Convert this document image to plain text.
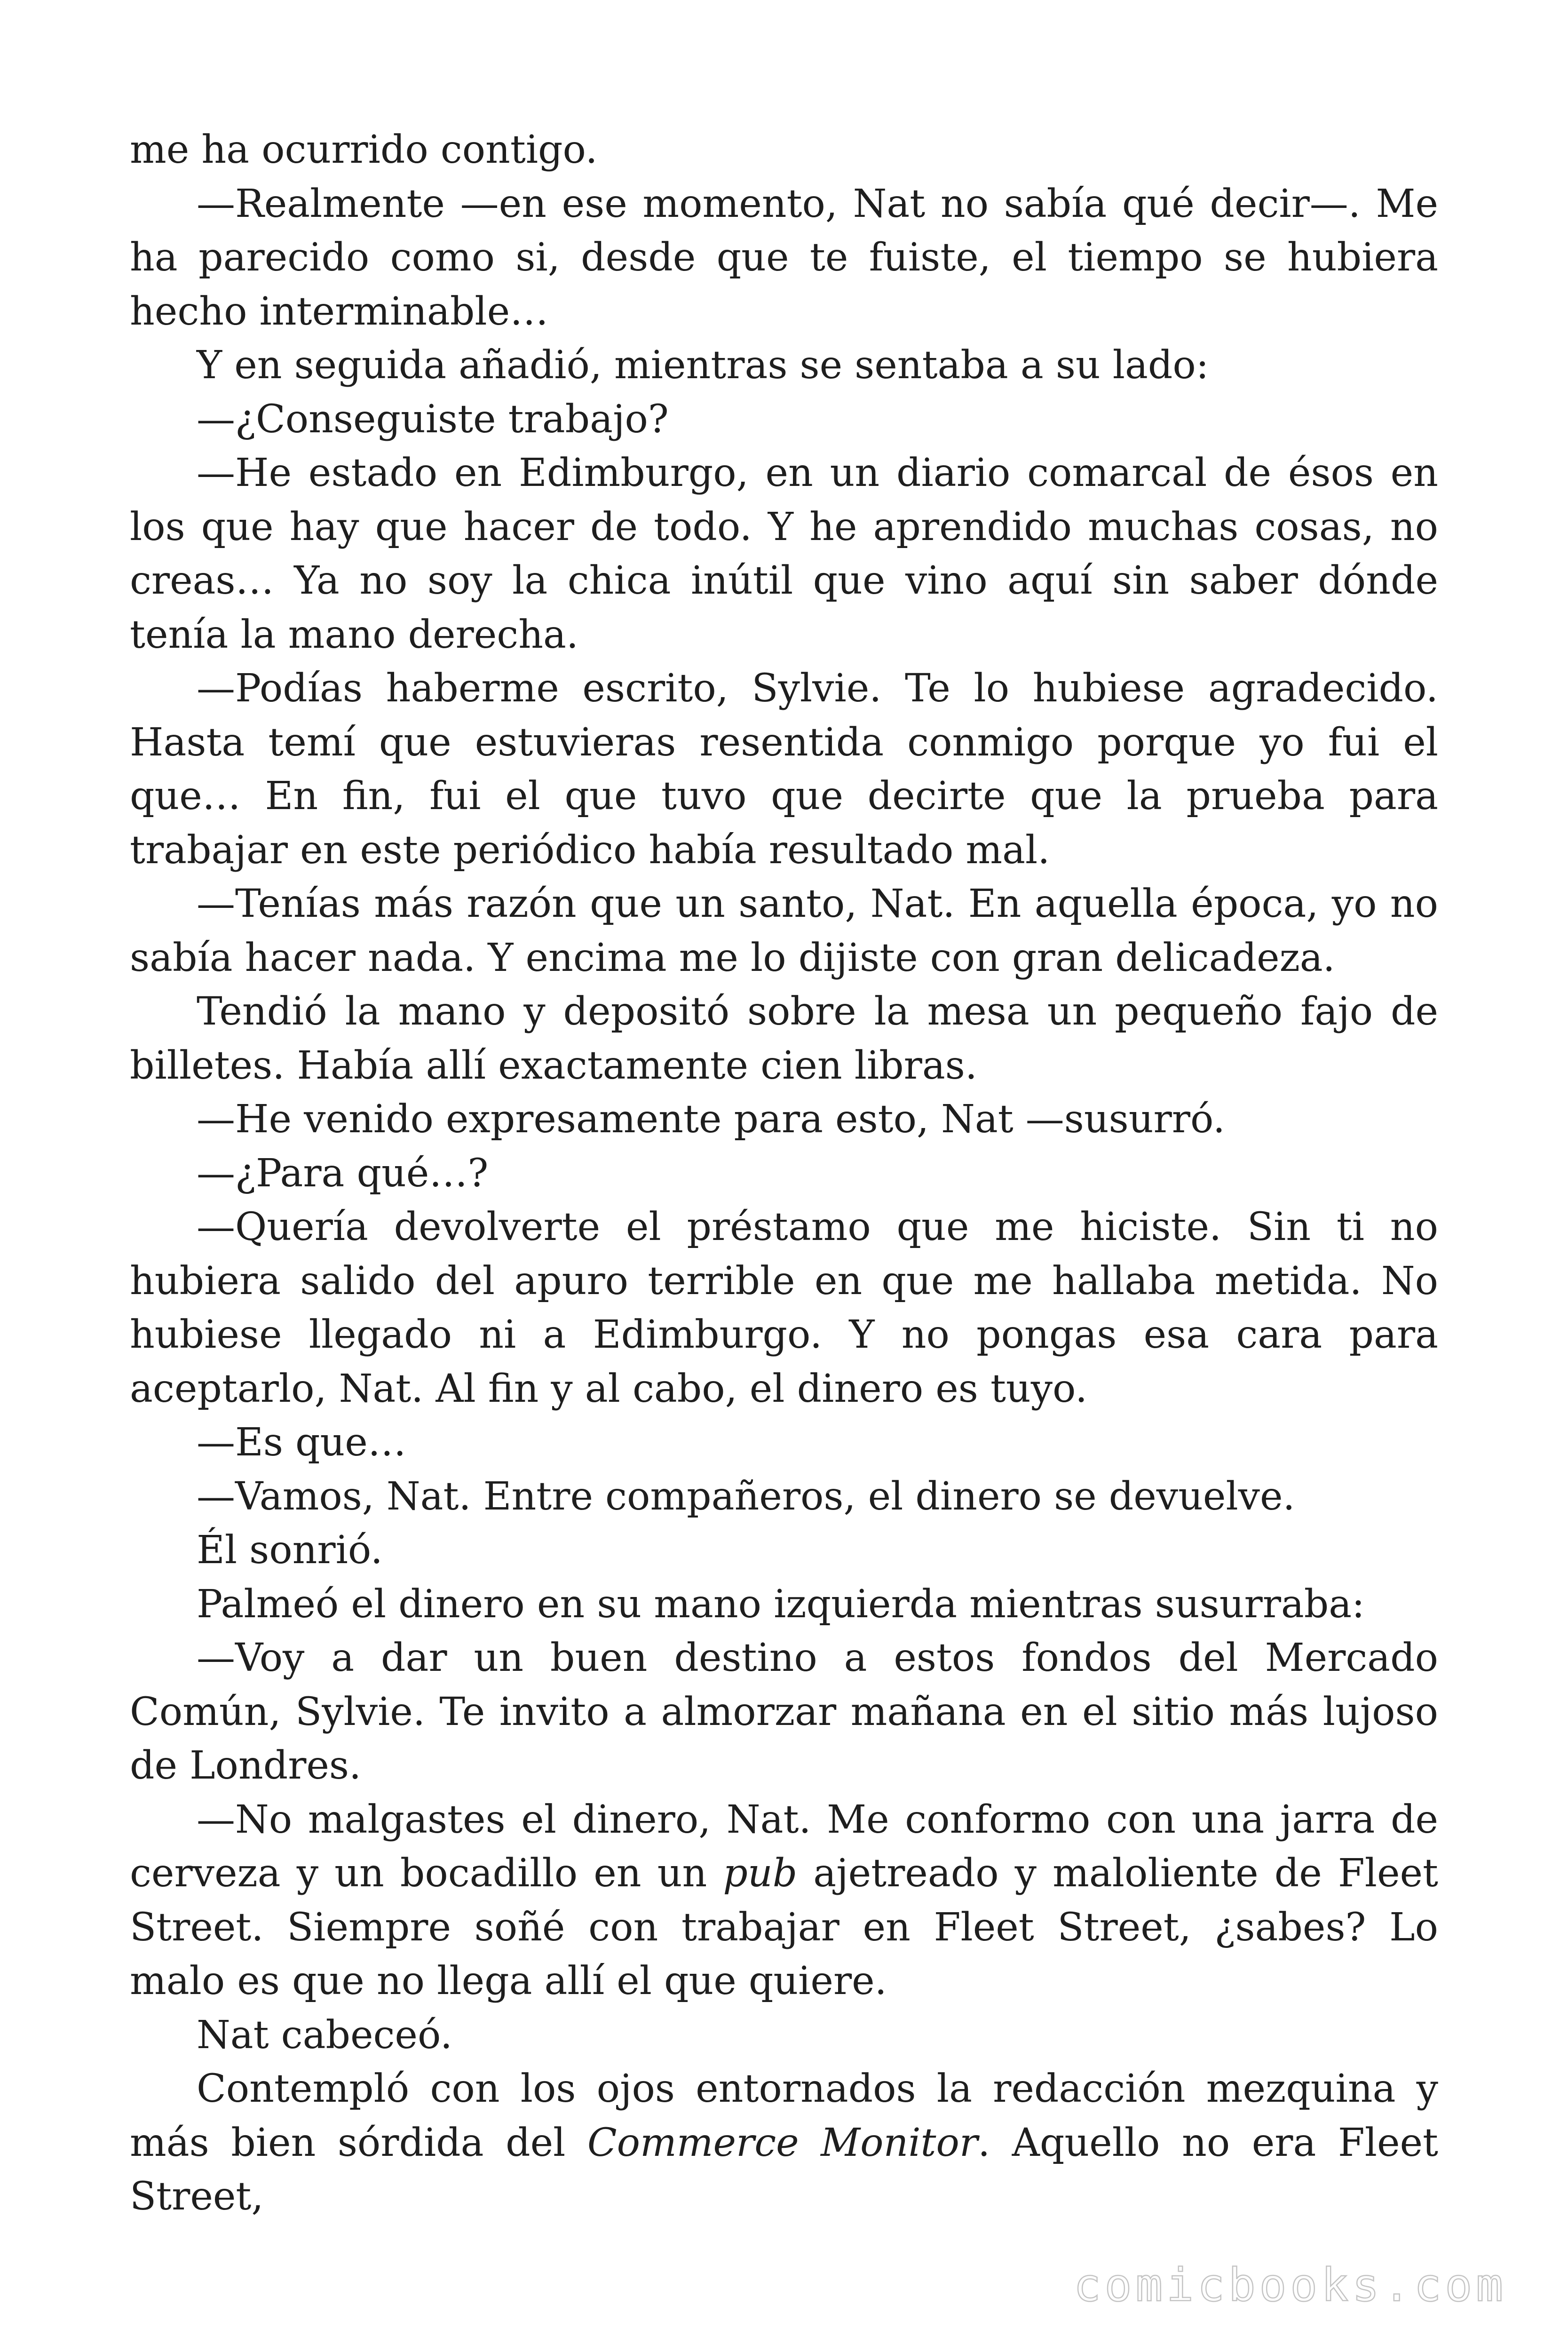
me ha ocurrido contigo.

—Realmente —en ese momento, Nat no sabía qué decir—. Me ha parecido como si, desde que te fuiste, el tiempo se hubiera hecho interminable…

Y en seguida añadió, mientras se sentaba a su lado:

—¿Conseguiste trabajo?

—He estado en Edimburgo, en un diario comarcal de ésos en los que hay que hacer de todo. Y he aprendido muchas cosas, no creas… Ya no soy la chica inútil que vino aquí sin saber dónde tenía la mano derecha.

—Podías haberme escrito, Sylvie. Te lo hubiese agradecido. Hasta temí que estuvieras resentida conmigo porque yo fui el que… En fin, fui el que tuvo que decirte que la prueba para trabajar en este periódico había resultado mal.

—Tenías más razón que un santo, Nat. En aquella época, yo no sabía hacer nada. Y encima me lo dijiste con gran delicadeza.

Tendió la mano y depositó sobre la mesa un pequeño fajo de billetes. Había allí exactamente cien libras.

—He venido expresamente para esto, Nat —susurró.

—¿Para qué…?

—Quería devolverte el préstamo que me hiciste. Sin ti no hubiera salido del apuro terrible en que me hallaba metida. No hubiese llegado ni a Edimburgo. Y no pongas esa cara para aceptarlo, Nat. Al fin y al cabo, el dinero es tuyo.

—Es que…

—Vamos, Nat. Entre compañeros, el dinero se devuelve.

Él sonrió.

Palmeó el dinero en su mano izquierda mientras susurraba:

—Voy a dar un buen destino a estos fondos del Mercado Común, Sylvie. Te invito a almorzar mañana en el sitio más lujoso de Londres.

—No malgastes el dinero, Nat. Me conformo con una jarra de cerveza y un bocadillo en un pub ajetreado y maloliente de Fleet Street. Siempre soñé con trabajar en Fleet Street, ¿sabes? Lo malo es que no llega allí el que quiere.

Nat cabeceó.

Contempló con los ojos entornados la redacción mezquina y más bien sórdida del Commerce Monitor. Aquello no era Fleet Street,

comicbooks.com
